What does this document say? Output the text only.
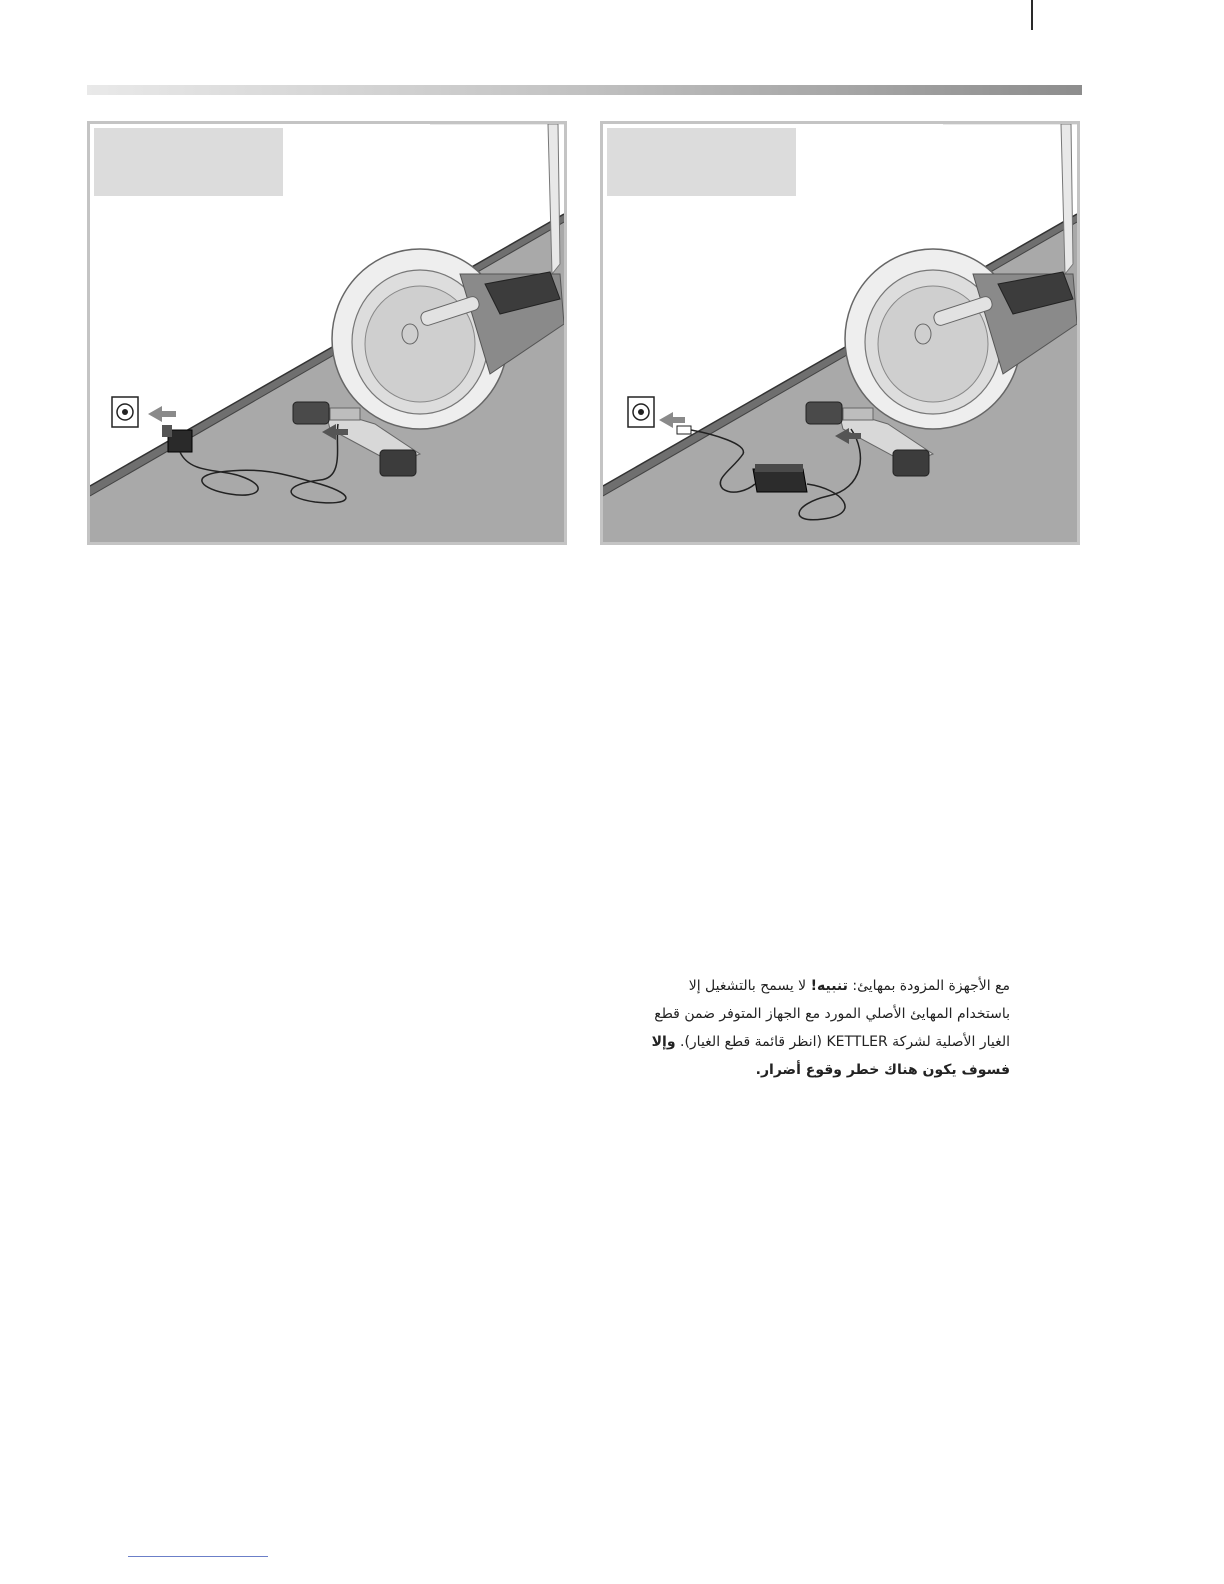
مع الأجهزة المزودة بمهايئ: تنبيه! لا يسمح بالتشغيل إلا باستخدام المهايئ الأصلي المورد مع الجهاز المتوفر ضمن قطع الغيار الأصلية لشركة KETTLER (انظر قائمة قطع الغيار). وإلا فسوف يكون هناك خطر وقوع أضرار.
